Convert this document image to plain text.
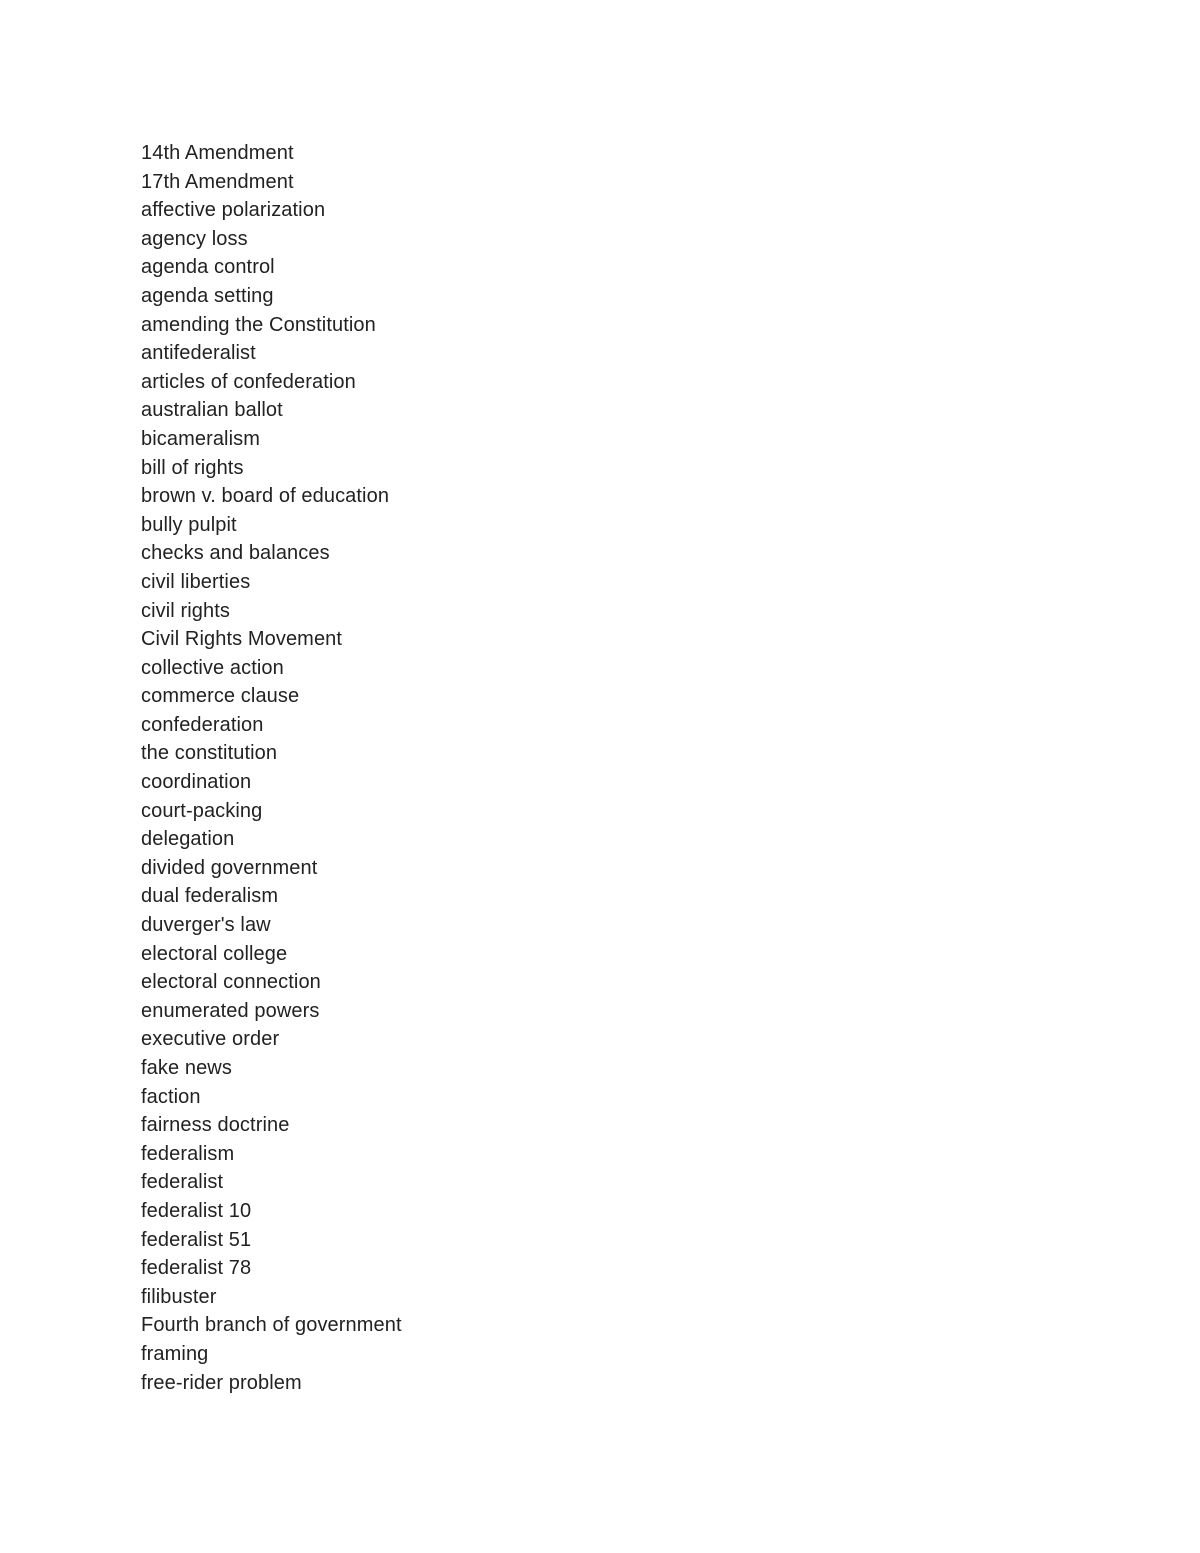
14th Amendment
17th Amendment
affective polarization
agency loss
agenda control
agenda setting
amending the Constitution
antifederalist
articles of confederation
australian ballot
bicameralism
bill of rights
brown v. board of education
bully pulpit
checks and balances
civil liberties
civil rights
Civil Rights Movement
collective action
commerce clause
confederation
the constitution
coordination
court-packing
delegation
divided government
dual federalism
duverger's law
electoral college
electoral connection
enumerated powers
executive order
fake news
faction
fairness doctrine
federalism
federalist
federalist 10
federalist 51
federalist 78
filibuster
Fourth branch of government
framing
free-rider problem
